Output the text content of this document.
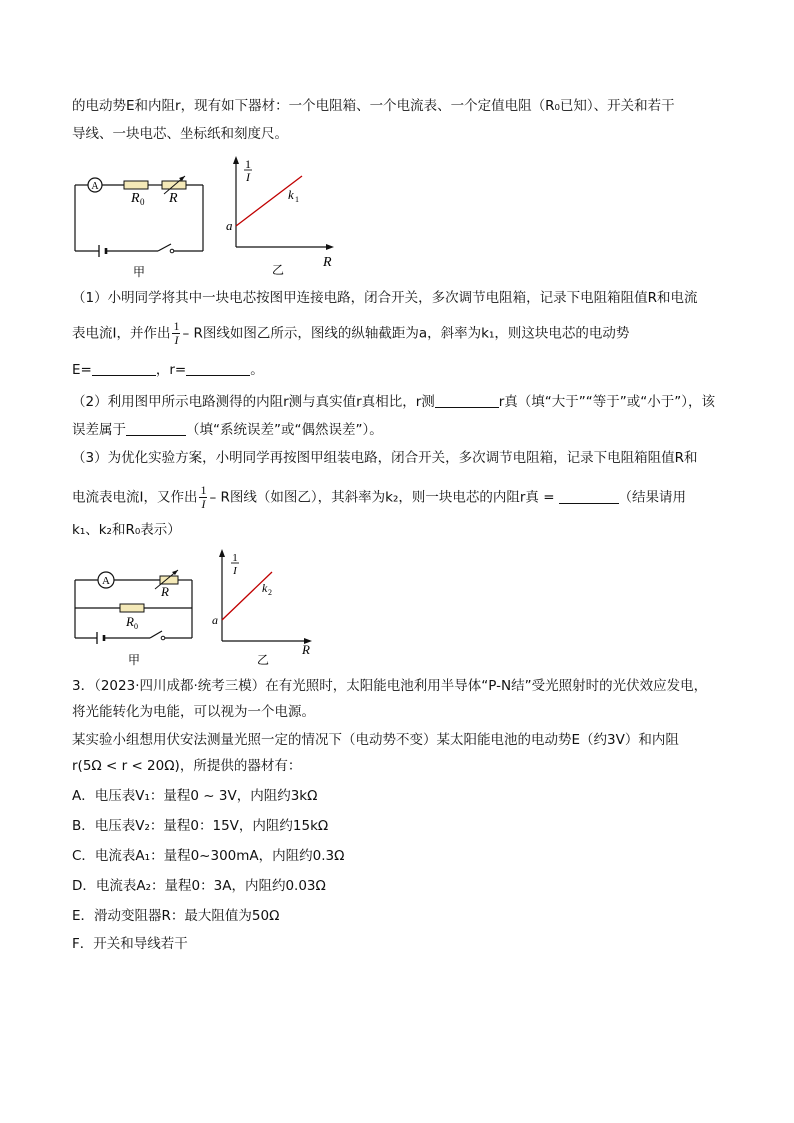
的电动势E和内阻r，现有如下器材：一个电阻箱、一个电流表、一个定值电阻（R₀已知）、开关和若干
导线、一块电芯、坐标纸和刻度尺。
A
R 0 R
甲
1
I
a
k 1
R
乙
（1）小明同学将其中一块电芯按图甲连接电路，闭合开关，多次调节电阻箱，记录下电阻箱阻值R和电流
表电流I，并作出 $\frac{1}{I}$ – R图线如图乙所示，图线的纵轴截距为a，斜率为k₁，则这块电芯的电动势
E=	，r=	。
（2）利用图甲所示电路测得的内阻r测与真实值r真相比，r测	r真（填“大于”“等于”或“小于”），该
误差属于	（填“系统误差”或“偶然误差”）。
（3）为优化实验方案，小明同学再按图甲组装电路，闭合开关，多次调节电阻箱，记录下电阻箱阻值R和
电流表电流I，又作出 $\frac{1}{I}$ – R图线（如图乙），其斜率为k₂，则一块电芯的内阻r真 =	（结果请用
k₁、k₂和R₀表示）
A
R
R 0
甲
1
I
a
k 2
R
乙
3．（2023·四川成都·统考三模）在有光照时，太阳能电池利用半导体“P-N结”受光照射时的光伏效应发电，
将光能转化为电能，可以视为一个电源。
某实验小组想用伏安法测量光照一定的情况下（电动势不变）某太阳能电池的电动势E（约3V）和内阻
r(5Ω < r < 20Ω)，所提供的器材有：
A．电压表V₁：量程0 ~ 3V，内阻约3kΩ
B．电压表V₂：量程0：15V，内阻约15kΩ
C．电流表A₁：量程0~300mA，内阻约0.3Ω
D．电流表A₂：量程0：3A，内阻约0.03Ω
E．滑动变阻器R：最大阻值为50Ω
F．开关和导线若干
